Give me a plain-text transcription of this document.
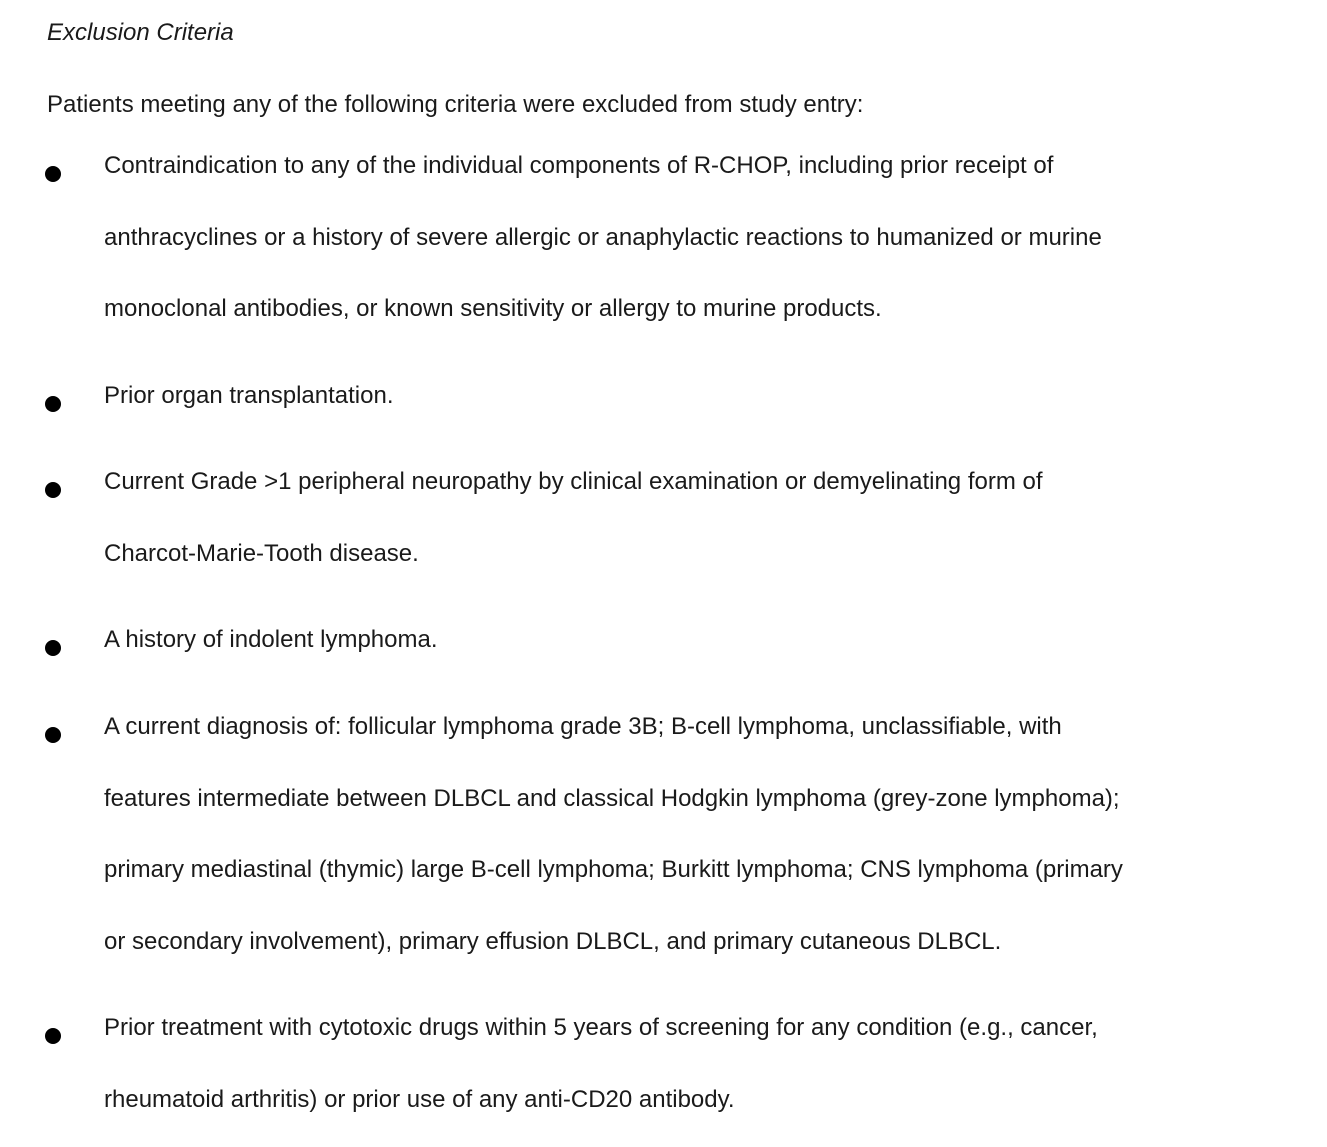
Exclusion Criteria

Patients meeting any of the following criteria were excluded from study entry:

Contraindication to any of the individual components of R-CHOP, including prior receipt of
anthracyclines or a history of severe allergic or anaphylactic reactions to humanized or murine
monoclonal antibodies, or known sensitivity or allergy to murine products.

Prior organ transplantation.

Current Grade >1 peripheral neuropathy by clinical examination or demyelinating form of
Charcot-Marie-Tooth disease.

A history of indolent lymphoma.

A current diagnosis of: follicular lymphoma grade 3B; B-cell lymphoma, unclassifiable, with
features intermediate between DLBCL and classical Hodgkin lymphoma (grey-zone lymphoma);
primary mediastinal (thymic) large B-cell lymphoma; Burkitt lymphoma; CNS lymphoma (primary
or secondary involvement), primary effusion DLBCL, and primary cutaneous DLBCL.

Prior treatment with cytotoxic drugs within 5 years of screening for any condition (e.g., cancer,
rheumatoid arthritis) or prior use of any anti-CD20 antibody.
